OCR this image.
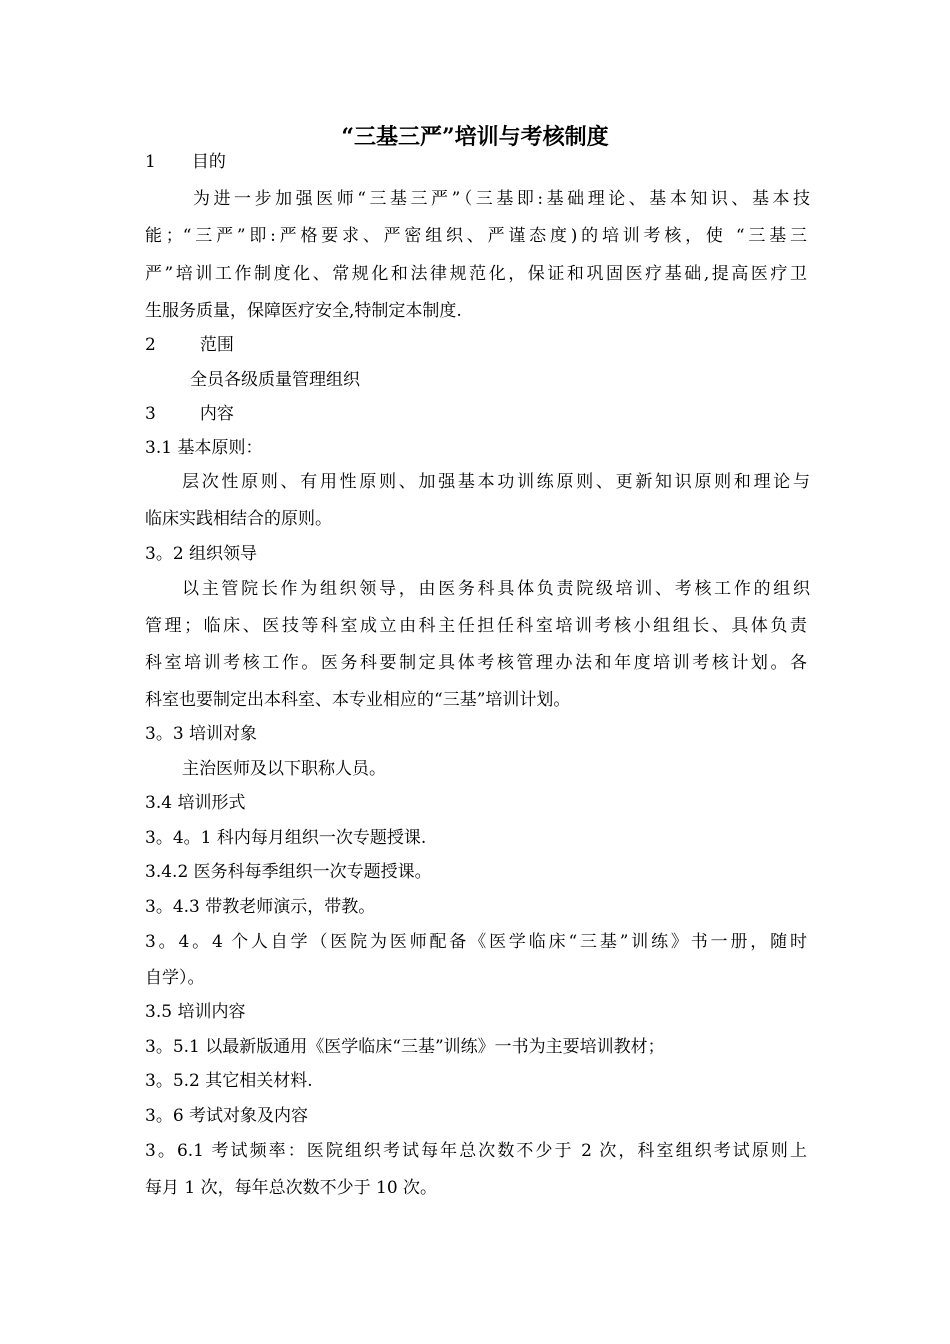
“三基三严”培训与考核制度
1 目的
为进一步加强医师“三基三严”（三基即:基础理论、基本知识、基本技
能；“三严”即:严格要求、严密组织、严谨态度)的培训考核，使 “三基三
严”培训工作制度化、常规化和法律规范化，保证和巩固医疗基础,提高医疗卫
生服务质量，保障医疗安全,特制定本制度.
2	范围
全员各级质量管理组织
3	内容
3.1 基本原则：
层次性原则、有用性原则、加强基本功训练原则、更新知识原则和理论与
临床实践相结合的原则。
3。2 组织领导
以主管院长作为组织领导，由医务科具体负责院级培训、考核工作的组织
管理；临床、医技等科室成立由科主任担任科室培训考核小组组长、具体负责
科室培训考核工作。医务科要制定具体考核管理办法和年度培训考核计划。各
科室也要制定出本科室、本专业相应的“三基”培训计划。
3。3 培训对象
主治医师及以下职称人员。
3.4 培训形式
3。4。1 科内每月组织一次专题授课.
3.4.2 医务科每季组织一次专题授课。
3。4.3 带教老师演示，带教。
3。4。4 个人自学（医院为医师配备《医学临床“三基”训练》书一册，随时
自学）。
3.5 培训内容
3。5.1 以最新版通用《医学临床“三基”训练》一书为主要培训教材；
3。5.2 其它相关材料.
3。6 考试对象及内容
3。6.1 考试频率：医院组织考试每年总次数不少于 2 次，科室组织考试原则上
每月 1 次，每年总次数不少于 10 次。
